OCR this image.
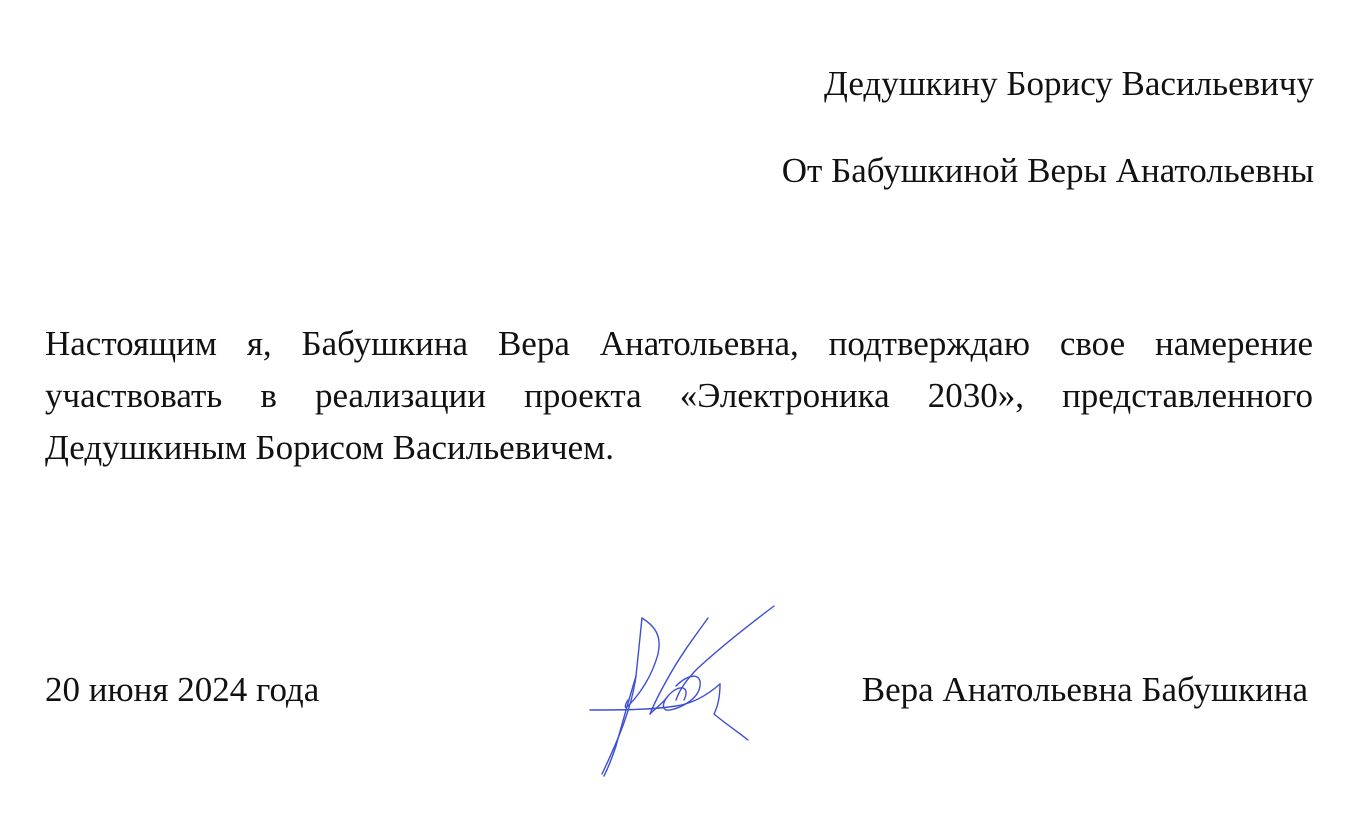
Дедушкину Борису Васильевичу
От Бабушкиной Веры Анатольевны

Настоящим я, Бабушкина Вера Анатольевна, подтверждаю свое намерение участвовать в реализации проекта «Электроника 2030», представленного Дедушкиным Борисом Васильевичем.

20 июня 2024 года	Вера Анатольевна Бабушкина
